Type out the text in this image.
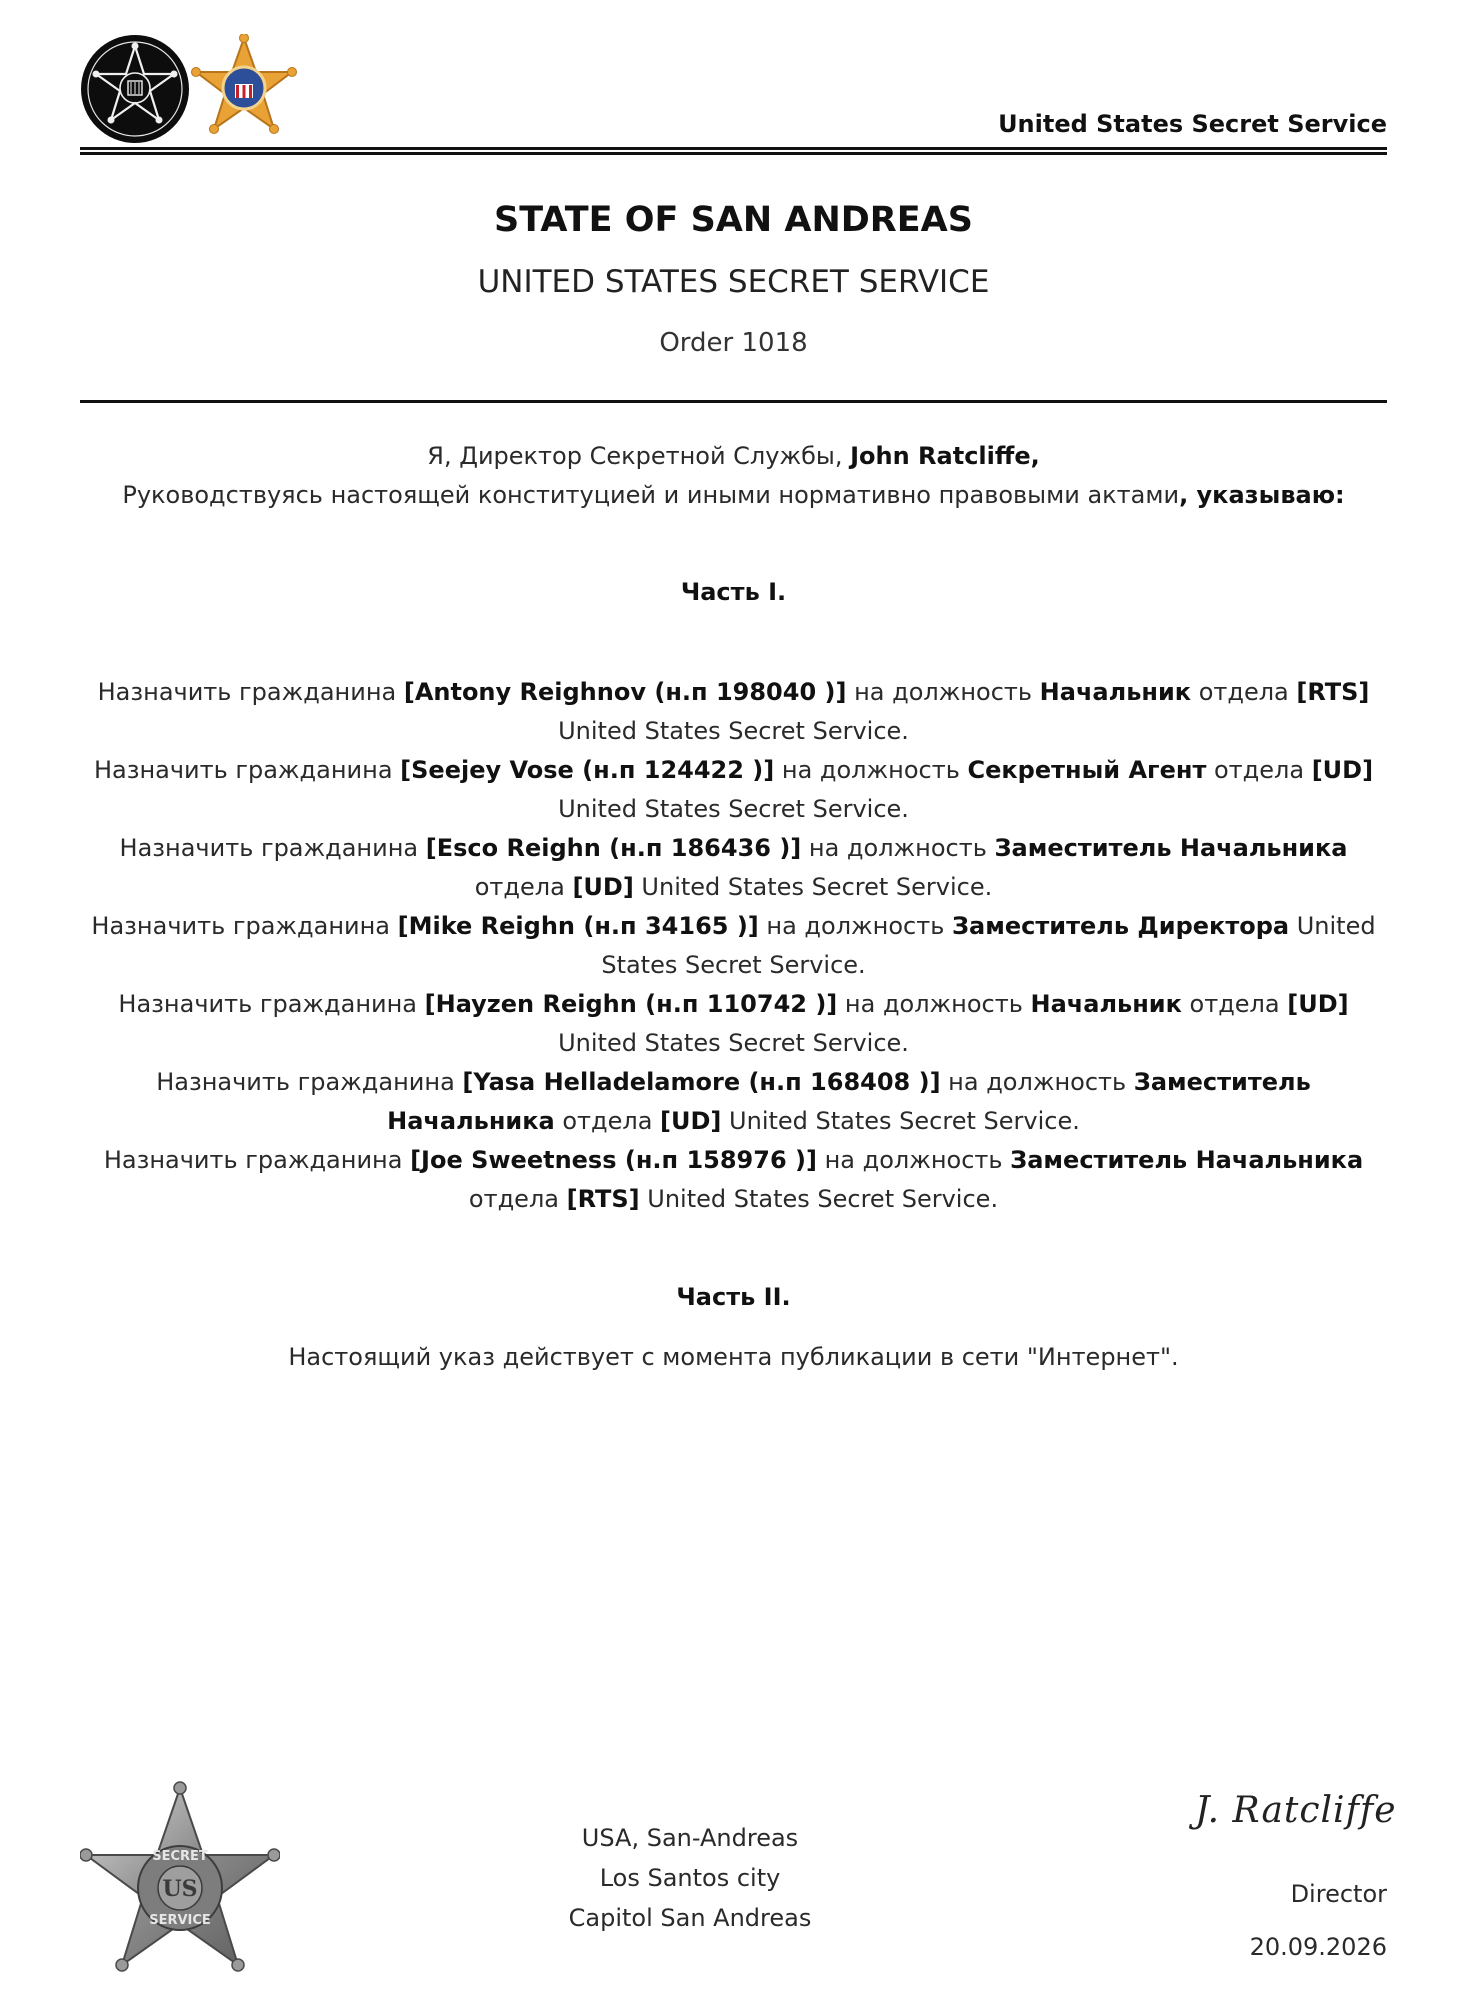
United States Secret Service
STATE OF SAN ANDREAS
UNITED STATES SECRET SERVICE
Order 1018
Я, Директор Секретной Службы, John Ratcliffe,
Руководствуясь настоящей конституцией и иными нормативно правовыми актами, указываю:
Часть I.
Назначить гражданина [Antony Reighnov (н.п 198040 )] на должность Начальник отдела [RTS] United States Secret Service.
Назначить гражданина [Seejey Vose (н.п 124422 )] на должность Секретный Агент отдела [UD] United States Secret Service.
Назначить гражданина [Esco Reighn (н.п 186436 )] на должность Заместитель Начальника отдела [UD] United States Secret Service.
Назначить гражданина [Mike Reighn (н.п 34165 )] на должность Заместитель Директора United States Secret Service.
Назначить гражданина [Hayzen Reighn (н.п 110742 )] на должность Начальник отдела [UD] United States Secret Service.
Назначить гражданина [Yasa Helladelamore (н.п 168408 )] на должность Заместитель Начальника отдела [UD] United States Secret Service.
Назначить гражданина [Joe Sweetness (н.п 158976 )] на должность Заместитель Начальника отдела [RTS] United States Secret Service.
Часть II.
Настоящий указ действует с момента публикации в сети "Интернет".
SECRET
US
SERVICE
USA, San-Andreas
Los Santos city
Capitol San Andreas
J. Ratcliffe
Director
20.09.2026
